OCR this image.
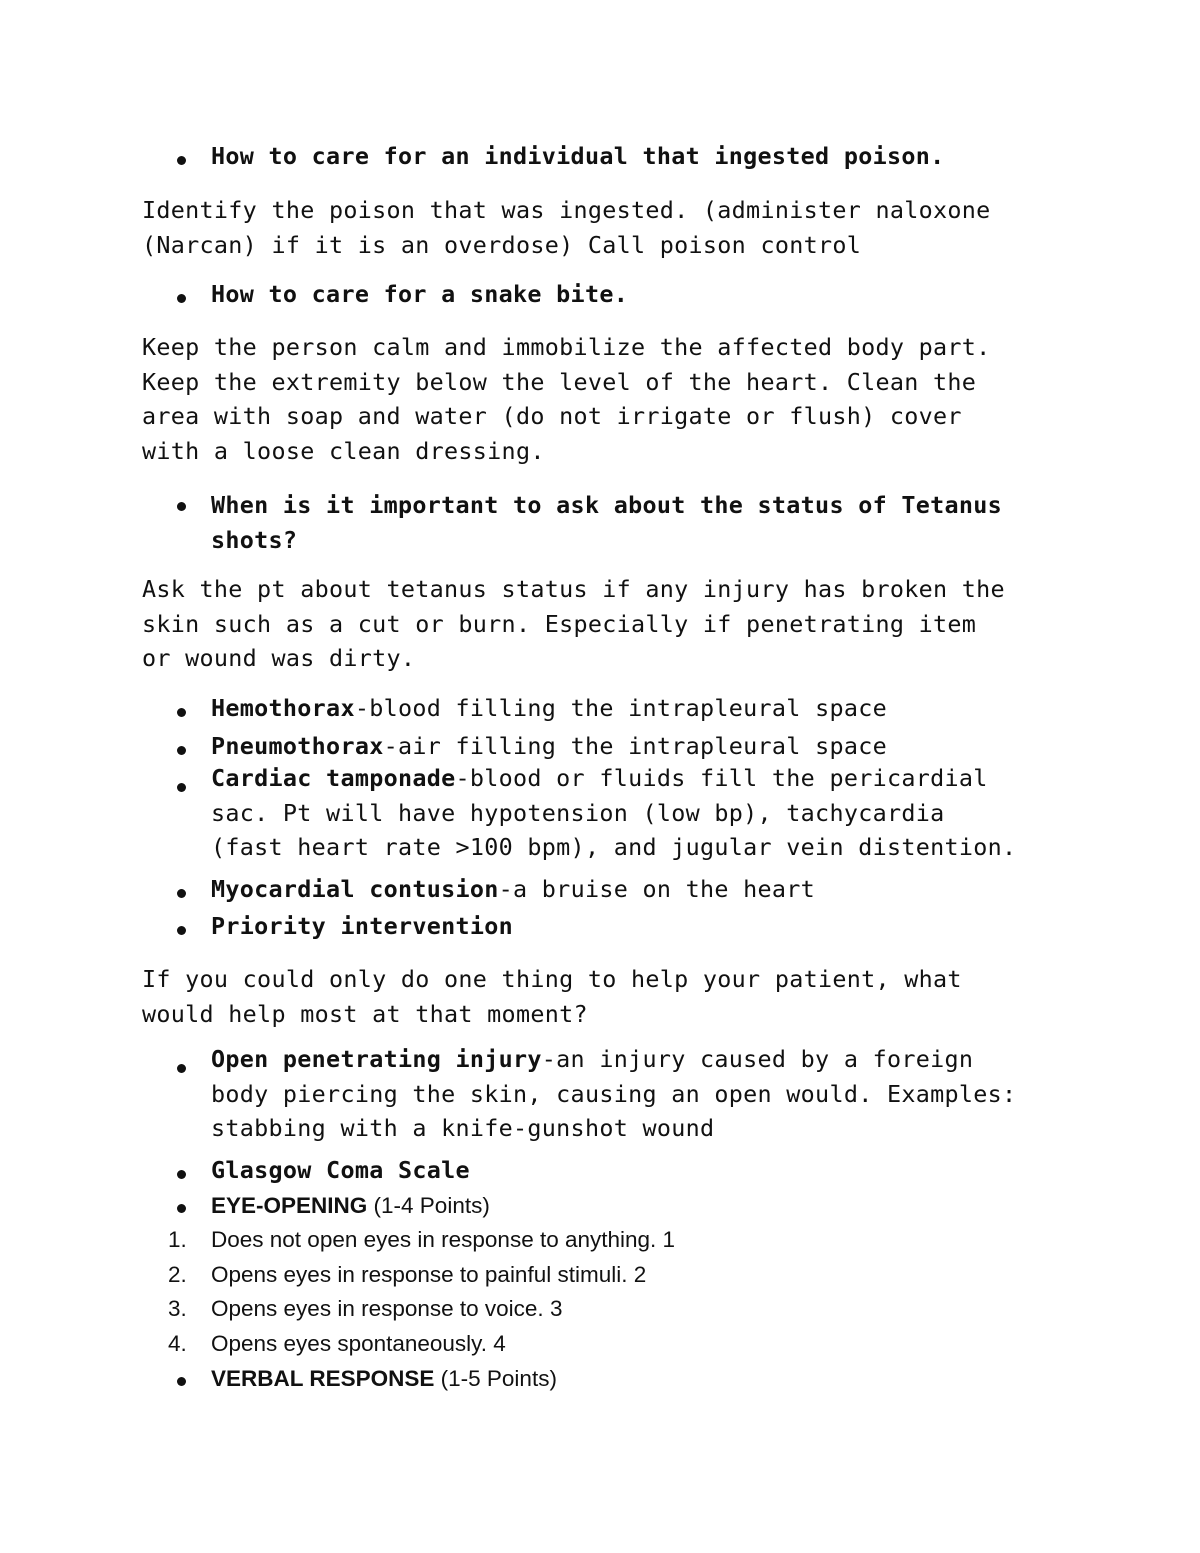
How to care for an individual that ingested poison.

Identify the poison that was ingested. (administer naloxone
(Narcan) if it is an overdose) Call poison control

How to care for a snake bite.

Keep the person calm and immobilize the affected body part.
Keep the extremity below the level of the heart. Clean the
area with soap and water (do not irrigate or flush) cover
with a loose clean dressing.

When is it important to ask about the status of Tetanus
shots?

Ask the pt about tetanus status if any injury has broken the
skin such as a cut or burn. Especially if penetrating item
or wound was dirty.

Hemothorax-blood filling the intrapleural space
Pneumothorax-air filling the intrapleural space
Cardiac tamponade-blood or fluids fill the pericardial
sac. Pt will have hypotension (low bp), tachycardia
(fast heart rate >100 bpm), and jugular vein distention.
Myocardial contusion-a bruise on the heart
Priority intervention

If you could only do one thing to help your patient, what
would help most at that moment?

Open penetrating injury-an injury caused by a foreign
body piercing the skin, causing an open would. Examples:
stabbing with a knife-gunshot wound
Glasgow Coma Scale
EYE-OPENING (1-4 Points)
1.	Does not open eyes in response to anything. 1
2.	Opens eyes in response to painful stimuli. 2
3.	Opens eyes in response to voice. 3
4.	Opens eyes spontaneously. 4
VERBAL RESPONSE (1-5 Points)
